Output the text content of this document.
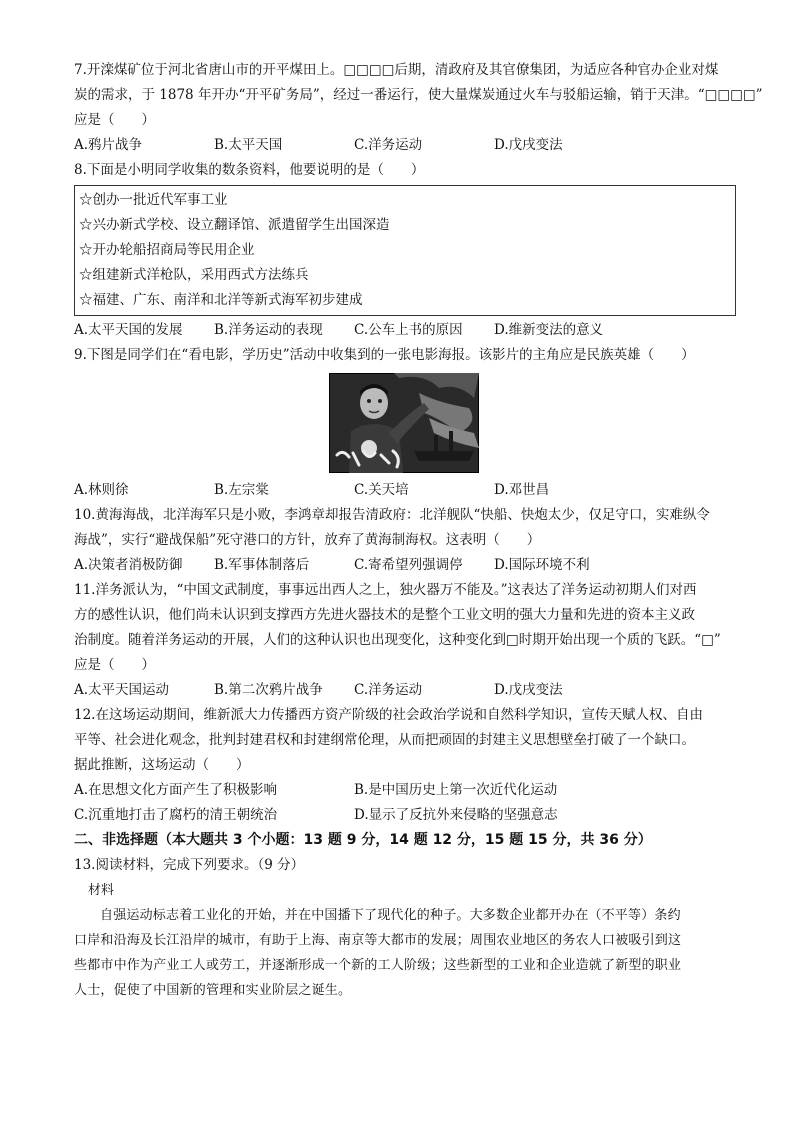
7.开滦煤矿位于河北省唐山市的开平煤田上。□□□□后期，清政府及其官僚集团，为适应各种官办企业对煤
炭的需求，于 1878 年开办“开平矿务局”，经过一番运行，使大量煤炭通过火车与驳船运输，销于天津。“□□□□”
应是（　　）
A.鸦片战争	B.太平天国	C.洋务运动	D.戊戌变法
8.下面是小明同学收集的数条资料，他要说明的是（　　）
☆创办一批近代军事工业
☆兴办新式学校、设立翻译馆、派遣留学生出国深造
☆开办轮船招商局等民用企业
☆组建新式洋枪队，采用西式方法练兵
☆福建、广东、南洋和北洋等新式海军初步建成
A.太平天国的发展	B.洋务运动的表现	C.公车上书的原因	D.维新变法的意义
9.下图是同学们在“看电影，学历史”活动中收集到的一张电影海报。该影片的主角应是民族英雄（　　）
A.林则徐	B.左宗棠	C.关天培	D.邓世昌
10.黄海海战，北洋海军只是小败，李鸿章却报告清政府：北洋舰队“快船、快炮太少，仅足守口，实难纵令
海战”，实行“避战保船”死守港口的方针，放弃了黄海制海权。这表明（　　）
A.决策者消极防御	B.军事体制落后	C.寄希望列强调停	D.国际环境不利
11.洋务派认为，“中国文武制度，事事远出西人之上，独火器万不能及。”这表达了洋务运动初期人们对西
方的感性认识，他们尚未认识到支撑西方先进火器技术的是整个工业文明的强大力量和先进的资本主义政
治制度。随着洋务运动的开展，人们的这种认识也出现变化，这种变化到□时期开始出现一个质的飞跃。“□”
应是（　　）
A.太平天国运动	B.第二次鸦片战争	C.洋务运动	D.戊戌变法
12.在这场运动期间，维新派大力传播西方资产阶级的社会政治学说和自然科学知识，宣传天赋人权、自由
平等、社会进化观念，批判封建君权和封建纲常伦理，从而把顽固的封建主义思想壁垒打破了一个缺口。
据此推断，这场运动（　　）
A.在思想文化方面产生了积极影响	B.是中国历史上第一次近代化运动
C.沉重地打击了腐朽的清王朝统治	D.显示了反抗外来侵略的坚强意志
二、非选择题（本大题共 3 个小题：13 题 9 分，14 题 12 分，15 题 15 分，共 36 分）
13.阅读材料，完成下列要求。（9 分）
材料
自强运动标志着工业化的开始，并在中国播下了现代化的种子。大多数企业都开办在（不平等）条约
口岸和沿海及长江沿岸的城市，有助于上海、南京等大都市的发展；周围农业地区的务农人口被吸引到这
些都市中作为产业工人或劳工，并逐渐形成一个新的工人阶级；这些新型的工业和企业造就了新型的职业
人士，促使了中国新的管理和实业阶层之诞生。
